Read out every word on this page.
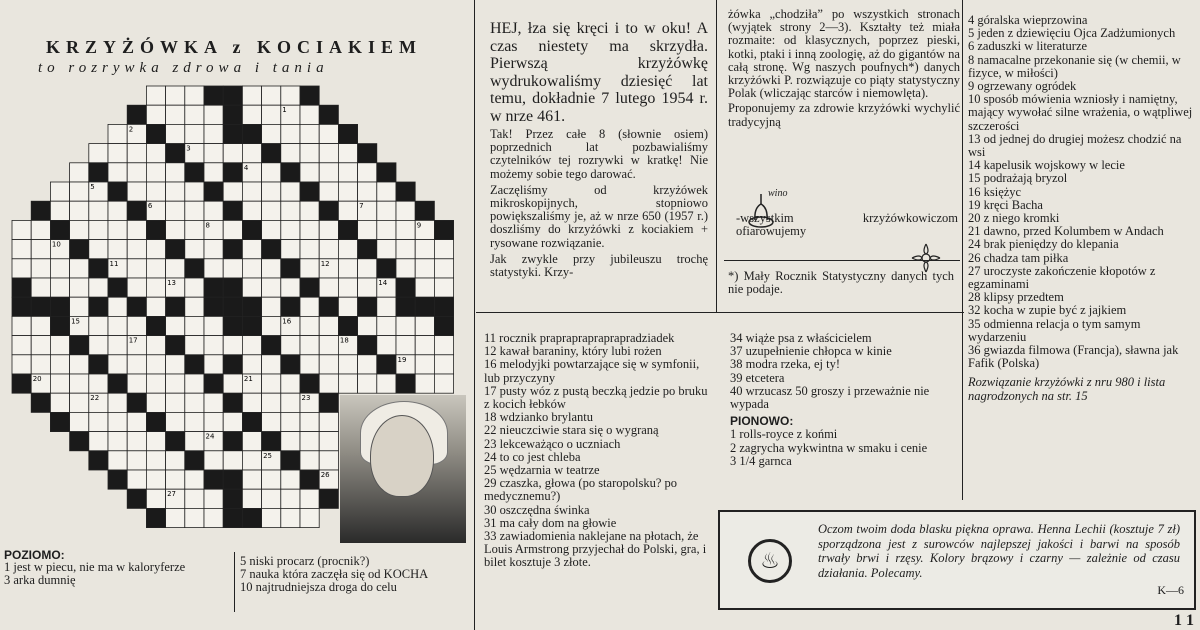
KRZYŻÓWKA z KOCIAKIEM
to rozrywka zdrowa i tania
1
2
3
4
5
6	7
8	9
10
11	12
13	14
15	16
17	18
19
20	21
22	23
24
25
26
27
POZIOMO:
1 jest w piecu, nie ma w kaloryferze
3 arka dumnię
5 niski procarz (procnik?)
7 nauka która zaczęła się od KOCHA
10 najtrudniejsza droga do celu
HEJ, łza się kręci i to w oku! A czas niestety ma skrzydła. Pierwszą krzyżówkę wydrukowaliśmy dziesięć lat temu, dokładnie 7 lutego 1954 r. w nrze 461.
Tak! Przez całe 8 (słownie osiem) poprzednich lat pozbawialiśmy czytelników tej rozrywki w kratkę! Nie możemy sobie tego darować.
Zaczęliśmy od krzyżówek mikroskopijnych, stopniowo powiększaliśmy je, aż w nrze 650 (1957 r.) doszliśmy do krzyżówki z kociakiem + rysowane rozwiązanie.
Jak zwykle przy jubileuszu trochę statystyki. Krzy-
żówka „chodziła” po wszystkich stronach (wyjątek strony 2—3). Kształty też miała rozmaite: od klasycznych, poprzez pieski, kotki, ptaki i inną zoologię, aż do gigantów na całą stronę. Wg naszych poufnych*) danych krzyżówki P. rozwiązuje co piąty statystyczny Polak (wliczając starców i niemowlęta).
Proponujemy za zdrowie krzyżówki wychylić tradycyjną
wino
-wszystkim krzyżówkowiczom ofiarowujemy
*) Mały Rocznik Statystyczny danych tych nie podaje.
11 rocznik prapraprapraprapradziadek
12 kawał baraniny, który lubi rożen
16 melodyjki powtarzające się w symfonii, lub przyczyny
17 pusty wóz z pustą beczką jedzie po bruku z kocich łebków
18 wdzianko brylantu
22 nieuczciwie stara się o wygraną
23 lekceważąco o uczniach
24 to co jest chleba
25 wędzarnia w teatrze
29 czaszka, głowa (po staropolsku? po medycznemu?)
30 oszczędna świnka
31 ma cały dom na głowie
33 zawiadomienia naklejane na płotach, że Louis Armstrong przyjechał do Polski, gra, i bilet kosztuje 3 złote.
34 wiąże psa z właścicielem
37 uzupełnienie chłopca w kinie
38 modra rzeka, ej ty!
39 etcetera
40 wrzucasz 50 groszy i przeważnie nie wypada
PIONOWO:
1 rolls-royce z końmi
2 zagrycha wykwintna w smaku i cenie
3 1/4 garnca
4 góralska wieprzowina
5 jeden z dziewięciu Ojca Zadżumionych
6 zaduszki w literaturze
8 namacalne przekonanie się (w chemii, w fizyce, w miłości)
9 ogrzewany ogródek
10 sposób mówienia wzniosły i namiętny, mający wywołać silne wrażenia, o wątpliwej szczerości
13 od jednej do drugiej możesz chodzić na wsi
14 kapelusik wojskowy w lecie
15 podrażają bryzol
16 księżyc
19 kręci Bacha
20 z niego kromki
21 dawno, przed Kolumbem w Andach
24 brak pieniędzy do klepania
26 chadza tam piłka
27 uroczyste zakończenie kłopotów z egzaminami
28 klipsy przedtem
32 kocha w zupie być z jajkiem
35 odmienna relacja o tym samym wydarzeniu
36 gwiazda filmowa (Francja), sławna jak Fafik (Polska)
Rozwiązanie krzyżówki z nru 980 i lista nagrodzonych na str. 15
♨
Oczom twoim doda blasku piękna oprawa. Henna Lechii (kosztuje 7 zł) sporządzona jest z surowców najlepszej jakości i barwi na sposób trwały brwi i rzęsy. Kolory brązowy i czarny — zależnie od czasu działania. Polecamy.
K—6
1 1
